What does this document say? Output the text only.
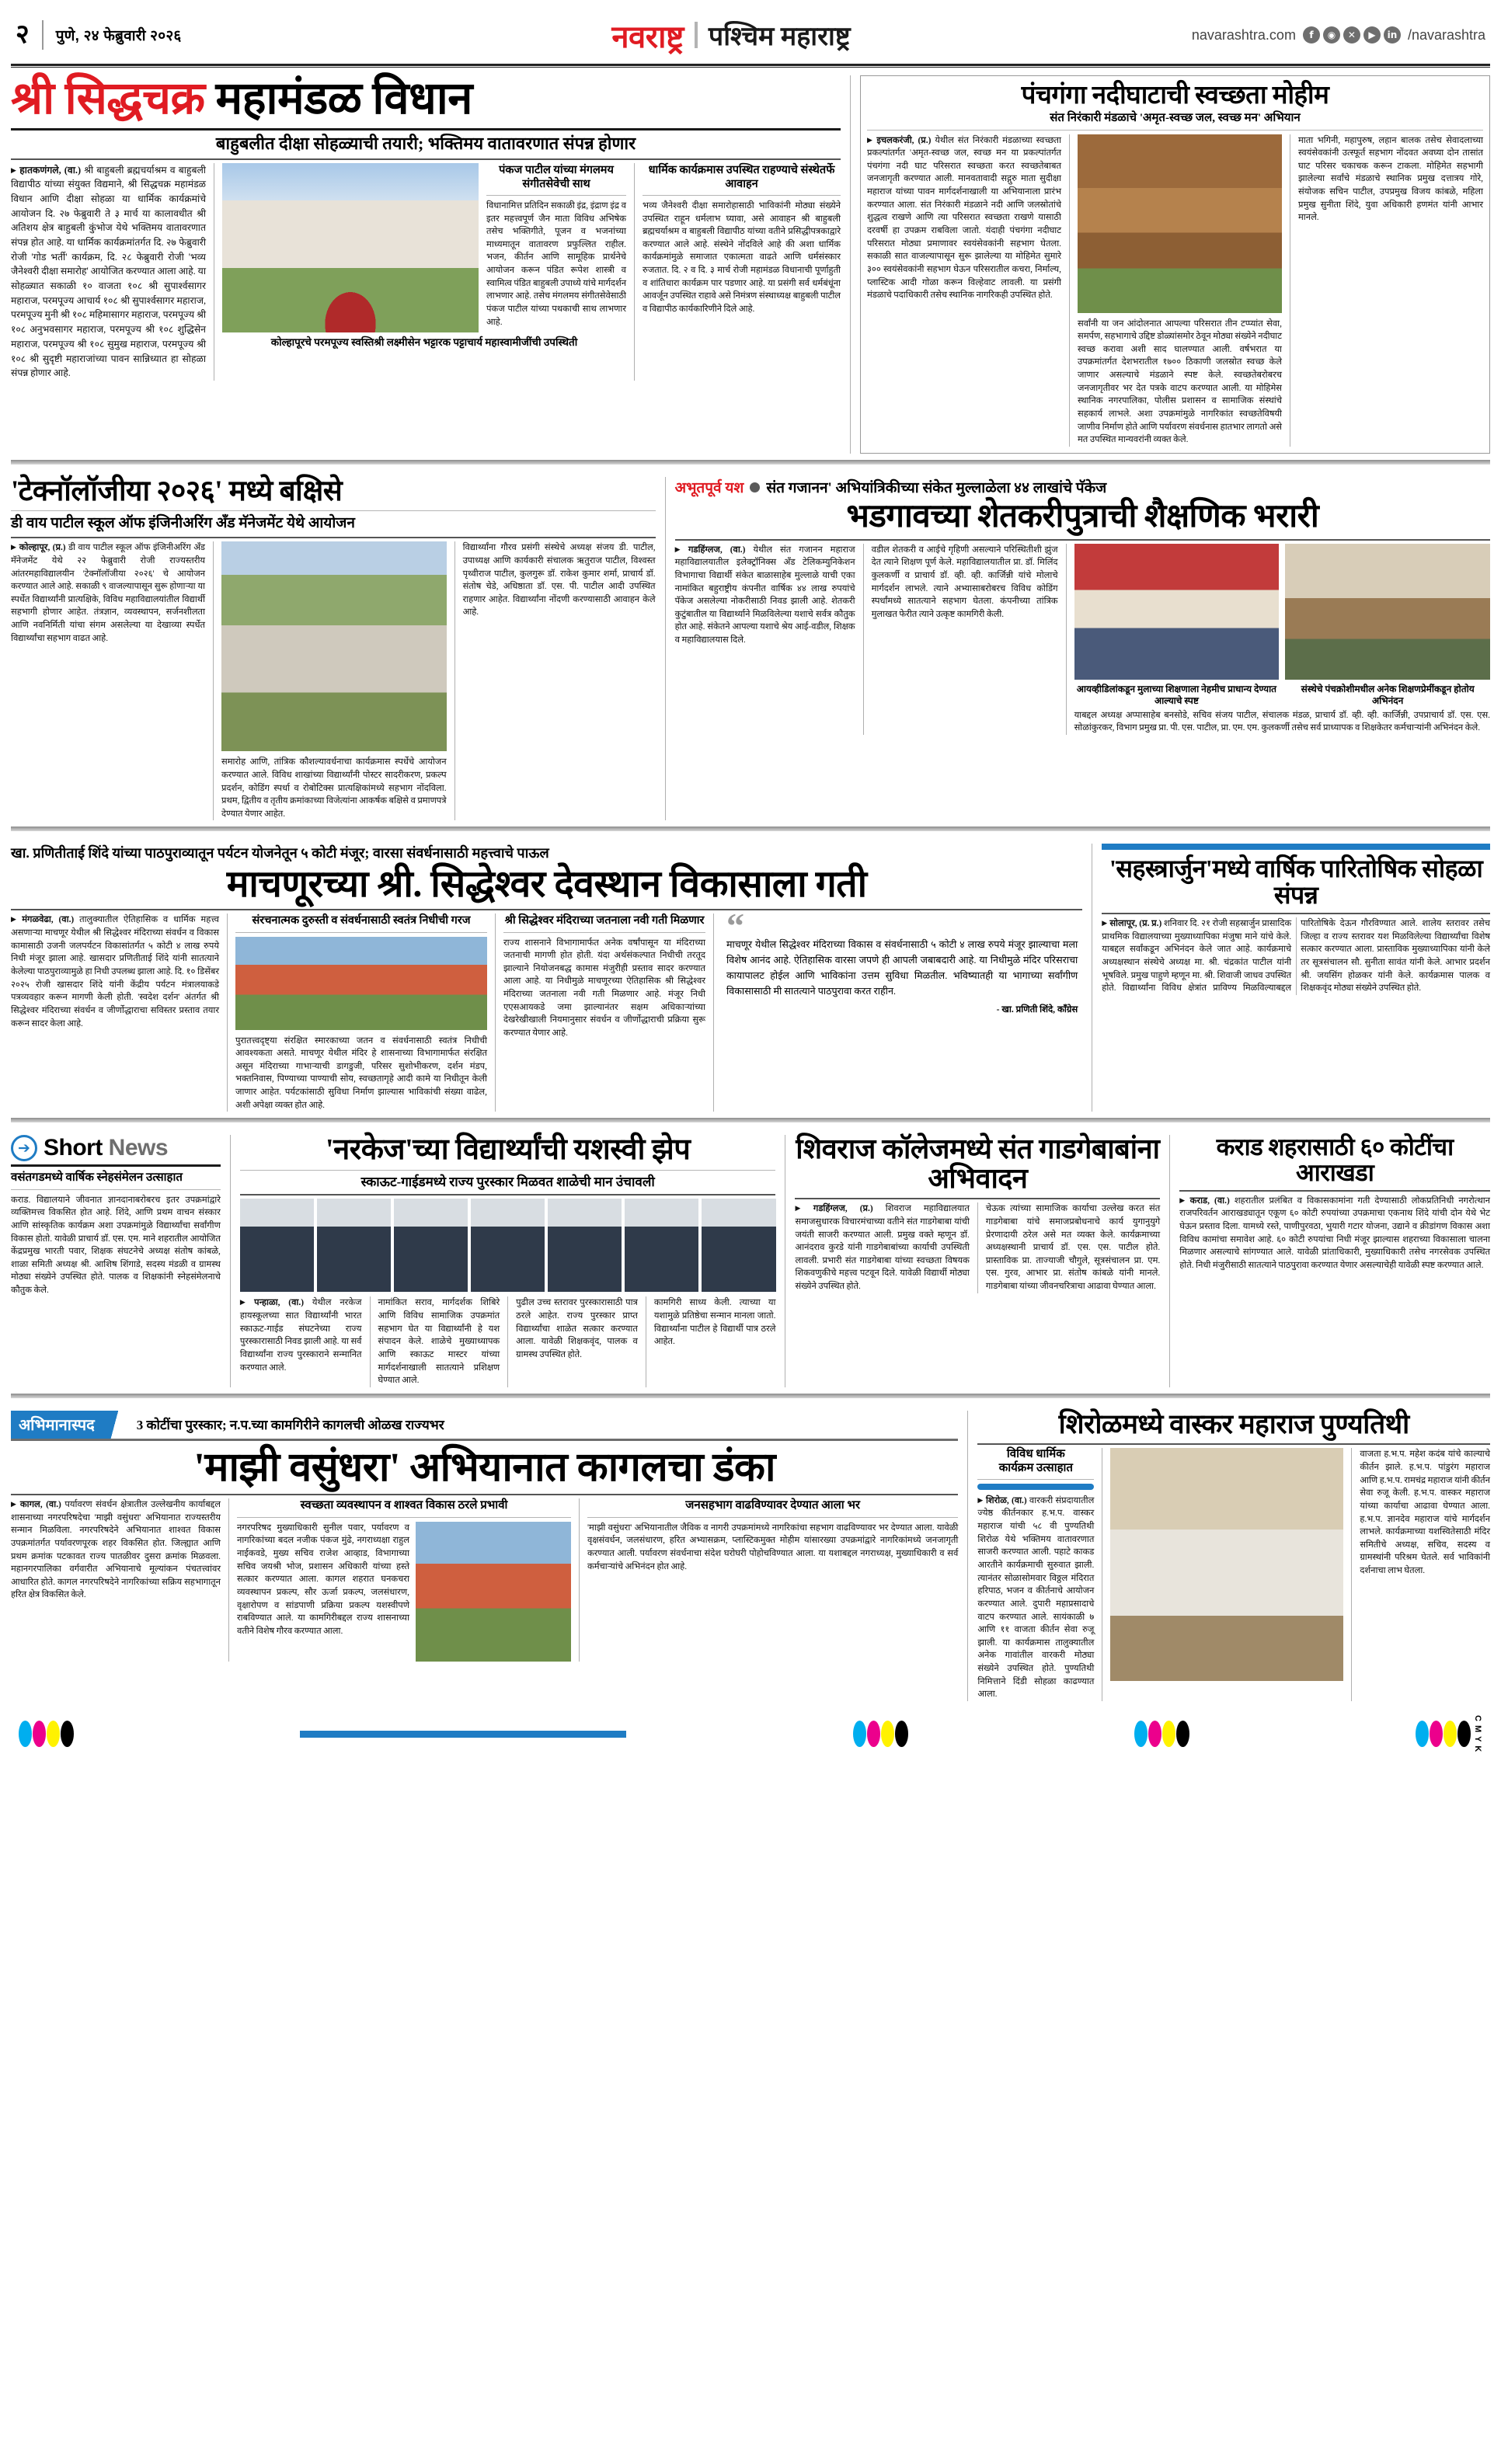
२ पुणे, २४ फेब्रुवारी २०२६	नवराष्ट्र पश्चिम महाराष्ट्र	navarashtra.com	f	◉	✕	▶	in /navarashtra
श्री सिद्धचक्र महामंडळ विधान
बाहुबलीत दीक्षा सोहळ्याची तयारी; भक्तिमय वातावरणात संपन्न होणार

▶ हातकणंगले, (वा.) श्री बाहुबली ब्रह्मचर्याश्रम व बाहुबली विद्यापीठ यांच्या संयुक्त विद्यमाने, श्री सिद्धचक्र महामंडळ विधान आणि दीक्षा सोहळा या धार्मिक कार्यक्रमांचे आयोजन दि. २७ फेब्रुवारी ते ३ मार्च या कालावधीत श्री अतिशय क्षेत्र बाहुबली कुंभोज येथे भक्तिमय वातावरणात संपन्न होत आहे. या धार्मिक कार्यक्रमांतर्गत दि. २७ फेब्रुवारी रोजी 'गोड भर्ती' कार्यक्रम, दि. २८ फेब्रुवारी रोजी 'भव्य जैनेश्वरी दीक्षा समारोह' आयोजित करण्यात आला आहे. या सोहळ्यात सकाळी १० वाजता १०८ श्री सुपार्श्वसागर महाराज, परमपूज्य आचार्य १०८ श्री सुपार्श्वसागर महाराज, परमपूज्य मुनी श्री १०८ महिमासागर महाराज, परमपूज्य श्री १०८ अनुभवसागर महाराज, परमपूज्य श्री १०८ शुद्धिसेन महाराज, परमपूज्य श्री १०८ सुमुख महाराज, परमपूज्य श्री १०८ श्री सुदृष्टी महाराजांच्या पावन सान्निध्यात हा सोहळा संपन्न होणार आहे.

पंकज पाटील यांच्या मंगलमय संगीतसेवेची साथ

विधानामित्त प्रतिदिन सकाळी इंद्र, इंद्राण इंद्र व इतर महत्त्वपूर्ण जैन माता विविध अभिषेक तसेच भक्तिगीते, पूजन व भजनांच्या माध्यमातून वातावरण प्रफुल्लित राहील. भजन, कीर्तन आणि सामूहिक प्रार्थनेचे आयोजन करून पंडित रूपेश शास्त्री व स्वामित्व पंडित बाहुबली उपाध्ये यांचे मार्गदर्शन लाभणार आहे. तसेच मंगलमय संगीतसेवेसाठी पंकज पाटील यांच्या पथकाची साथ लाभणार आहे.

कोल्हापूरचे परमपूज्य स्वस्तिश्री लक्ष्मीसेन भट्टारक पट्टाचार्य महास्वामीजींची उपस्थिती
धार्मिक कार्यक्रमास उपस्थित राहण्याचे संस्थेतर्फे आवाहन

भव्य जैनेश्वरी दीक्षा समारोहासाठी भाविकांनी मोठ्या संख्येने उपस्थित राहून धर्मलाभ घ्यावा, असे आवाहन श्री बाहुबली ब्रह्मचर्याश्रम व बाहुबली विद्यापीठ यांच्या वतीने प्रसिद्धीपत्रकाद्वारे करण्यात आले आहे. संस्थेने नोंदविले आहे की अशा धार्मिक कार्यक्रमांमुळे समाजात एकात्मता वाढते आणि धर्मसंस्कार रुजतात. दि. २ व दि. ३ मार्च रोजी महामंडळ विधानाची पूर्णाहुती व शांतिधारा कार्यक्रम पार पडणार आहे. या प्रसंगी सर्व धर्मबंधूंना आवर्जून उपस्थित राहावे असे निमंत्रण संस्थाध्यक्ष बाहुबली पाटील व विद्यापीठ कार्यकारिणीने दिले आहे.

पंचगंगा नदीघाटाची स्वच्छता मोहीम
संत निरंकारी मंडळाचे 'अमृत-स्वच्छ जल, स्वच्छ मन' अभियान

▶ इचलकरंजी, (प्र.) येथील संत निरंकारी मंडळाच्या स्वच्छता प्रकल्पांतर्गत 'अमृत-स्वच्छ जल, स्वच्छ मन या प्रकल्पांतर्गत पंचगंगा नदी घाट परिसरात स्वच्छता करत स्वच्छतेबाबत जनजागृती करण्यात आली. मानवतावादी सद्गुरु माता सुदीक्षा महाराज यांच्या पावन मार्गदर्शनाखाली या अभियानाला प्रारंभ करण्यात आला. संत निरंकारी मंडळाने नदी आणि जलस्रोतांचे शुद्धत्व राखणे आणि त्या परिसरात स्वच्छता राखणे यासाठी दरवर्षी हा उपक्रम राबविला जातो. यंदाही पंचगंगा नदीघाट परिसरात मोठ्या प्रमाणावर स्वयंसेवकांनी सहभाग घेतला. सकाळी सात वाजल्यापासून सुरू झालेल्या या मोहिमेत सुमारे ३०० स्वयंसेवकांनी सहभाग घेऊन परिसरातील कचरा, निर्माल्य, प्लास्टिक आदी गोळा करून विल्हेवाट लावली. या प्रसंगी मंडळाचे पदाधिकारी तसेच स्थानिक नागरिकही उपस्थित होते.

सर्वांनी या जन आंदोलनात आपल्या परिसरात तीन टप्प्यांत सेवा, समर्पण, सहभागाचे उद्दिष्ट डोळ्यांसमोर ठेवून मोठ्या संख्येने नदीघाट स्वच्छ करावा अशी साद घालण्यात आली. वर्षभरात या उपक्रमांतर्गत देशभरातील १७०० ठिकाणी जलस्रोत स्वच्छ केले जाणार असल्याचे मंडळाने स्पष्ट केले. स्वच्छतेबरोबरच जनजागृतीवर भर देत पत्रके वाटप करण्यात आली. या मोहिमेस स्थानिक नगरपालिका, पोलीस प्रशासन व सामाजिक संस्थांचे सहकार्य लाभले. अशा उपक्रमांमुळे नागरिकांत स्वच्छतेविषयी जाणीव निर्माण होते आणि पर्यावरण संवर्धनास हातभार लागतो असे मत उपस्थित मान्यवरांनी व्यक्त केले.

माता भगिनी, महापुरुष, लहान बालक तसेच सेवादलाच्या स्वयंसेवकांनी उत्स्फूर्त सहभाग नोंदवत अवघ्या दोन तासांत घाट परिसर चकाचक करून टाकला. मोहिमेत सहभागी झालेल्या सर्वांचे मंडळाचे स्थानिक प्रमुख दत्तात्रय गोरे, संयोजक सचिन पाटील, उपप्रमुख विजय कांबळे, महिला प्रमुख सुनीता शिंदे, युवा अधिकारी हणमंत यांनी आभार मानले.

'टेक्नॉलॉजीया २०२६' मध्ये बक्षिसे
डी वाय पाटील स्कूल ऑफ इंजिनीअरिंग अँड मॅनेजमेंट येथे आयोजन

▶ कोल्हापूर, (प्र.) डी वाय पाटील स्कूल ऑफ इंजिनीअरिंग अँड मॅनेजमेंट येथे २२ फेब्रुवारी रोजी राज्यस्तरीय आंतरमहाविद्यालयीन 'टेक्नॉलॉजीया २०२६' चे आयोजन करण्यात आले आहे. सकाळी ९ वाजल्यापासून सुरू होणाऱ्या या स्पर्धेत विद्यार्थ्यांनी प्रात्यक्षिके, विविध महाविद्यालयांतील विद्यार्थी सहभागी होणार आहेत. तंत्रज्ञान, व्यवस्थापन, सर्जनशीलता आणि नवनिर्मिती यांचा संगम असलेल्या या देखाव्या स्पर्धेत विद्यार्थ्यांचा सहभाग वाढत आहे.

समारोह आणि, तांत्रिक कौशल्यावर्धनाचा कार्यक्रमास स्पर्धेचे आयोजन करण्यात आले. विविध शाखांच्या विद्यार्थ्यांनी पोस्टर सादरीकरण, प्रकल्प प्रदर्शन, कोडिंग स्पर्धा व रोबोटिक्स प्रात्यक्षिकांमध्ये सहभाग नोंदविला. प्रथम, द्वितीय व तृतीय क्रमांकाच्या विजेत्यांना आकर्षक बक्षिसे व प्रमाणपत्रे देण्यात येणार आहेत.

विद्यार्थ्यांना गौरव प्रसंगी संस्थेचे अध्यक्ष संजय डी. पाटील, उपाध्यक्ष आणि कार्यकारी संचालक ऋतुराज पाटील, विश्वस्त पृथ्वीराज पाटील, कुलगुरू डॉ. राकेश कुमार शर्मा, प्राचार्य डॉ. संतोष चेडे, अधिष्ठाता डॉ. एस. पी. पाटील आदी उपस्थित राहणार आहेत. विद्यार्थ्यांना नोंदणी करण्यासाठी आवाहन केले आहे.

अभूतपूर्व यश संत गजानन' अभियांत्रिकीच्या संकेत मुल्लाळेला ४४ लाखांचे पॅकेज
भडगावच्या शेतकरीपुत्राची शैक्षणिक भरारी

▶ गडहिंग्लज, (वा.) येथील संत गजानन महाराज महाविद्यालयातील इलेक्ट्रॉनिक्स अँड टेलिकम्युनिकेशन विभागाचा विद्यार्थी संकेत बाळासाहेब मुल्लाळे याची एका नामांकित बहुराष्ट्रीय कंपनीत वार्षिक ४४ लाख रुपयांचे पॅकेज असलेल्या नोकरीसाठी निवड झाली आहे. शेतकरी कुटुंबातील या विद्यार्थ्याने मिळविलेल्या यशाचे सर्वत्र कौतुक होत आहे. संकेतने आपल्या यशाचे श्रेय आई-वडील, शिक्षक व महाविद्यालयास दिले.

वडील शेतकरी व आईचे गृहिणी असल्याने परिस्थितीशी झुंज देत त्याने शिक्षण पूर्ण केले. महाविद्यालयातील प्रा. डॉ. मिलिंद कुलकर्णी व प्राचार्य डॉ. व्ही. व्ही. कार्जिन्नी यांचे मोलाचे मार्गदर्शन लाभले. त्याने अभ्यासाबरोबरच विविध कोडिंग स्पर्धांमध्ये सातत्याने सहभाग घेतला. कंपनीच्या तांत्रिक मुलाखत फेरीत त्याने उत्कृष्ट कामगिरी केली.

आयव्हीडिलांकडून मुलाच्या शिक्षणाला नेहमीच प्राधान्य देण्यात आल्याचे स्पष्ट
संस्थेचे पंचक्रोशीमधील अनेक शिक्षणप्रेमींकडून होतोय अभिनंदन

याबद्दल अध्यक्ष अप्पासाहेब बनसोडे, सचिव संजय पाटील, संचालक मंडळ, प्राचार्य डॉ. व्ही. व्ही. कार्जिन्नी, उपप्राचार्य डॉ. एस. एस. सोळांकुरकर, विभाग प्रमुख प्रा. पी. एस. पाटील, प्रा. एम. एम. कुलकर्णी तसेच सर्व प्राध्यापक व शिक्षकेतर कर्मचाऱ्यांनी अभिनंदन केले.

खा. प्रणितीताई शिंदे यांच्या पाठपुराव्यातून पर्यटन योजनेतून ५ कोटी मंजूर; वारसा संवर्धनासाठी महत्त्वाचे पाऊल
माचणूरच्या श्री. सिद्धेश्वर देवस्थान विकासाला गती

▶ मंगळवेढा, (वा.) तालुक्यातील ऐतिहासिक व धार्मिक महत्त्व असणाऱ्या माचणूर येथील श्री सिद्धेश्वर मंदिराच्या संवर्धन व विकास कामासाठी उजनी जलपर्यटन विकासांतर्गत ५ कोटी ४ लाख रुपये निधी मंजूर झाला आहे. खासदार प्रणितीताई शिंदे यांनी सातत्याने केलेल्या पाठपुराव्यामुळे हा निधी उपलब्ध झाला आहे. दि. १० डिसेंबर २०२५ रोजी खासदार शिंदे यांनी केंद्रीय पर्यटन मंत्रालयाकडे पत्रव्यवहार करून मागणी केली होती. 'स्वदेश दर्शन' अंतर्गत श्री सिद्धेश्वर मंदिराच्या संवर्धन व जीर्णोद्धाराचा सविस्तर प्रस्ताव तयार करून सादर केला आहे.

संरचनात्मक दुरुस्ती व संवर्धनासाठी स्वतंत्र निधीची गरज

पुरातत्त्वदृष्ट्या संरक्षित स्मारकाच्या जतन व संवर्धनासाठी स्वतंत्र निधीची आवश्यकता असते. माचणूर येथील मंदिर हे शासनाच्या विभागामार्फत संरक्षित असून मंदिराच्या गाभाऱ्याची डागडुजी, परिसर सुशोभीकरण, दर्शन मंडप, भक्तनिवास, पिण्याच्या पाण्याची सोय, स्वच्छतागृहे आदी कामे या निधीतून केली जाणार आहेत. पर्यटकांसाठी सुविधा निर्माण झाल्यास भाविकांची संख्या वाढेल, अशी अपेक्षा व्यक्त होत आहे.

श्री सिद्धेश्वर मंदिराच्या जतनाला नवी गती मिळणार

राज्य शासनाने विभागामार्फत अनेक वर्षांपासून या मंदिराच्या जतनाची मागणी होत होती. यंदा अर्थसंकल्पात निधीची तरतूद झाल्याने नियोजनबद्ध कामास मंजुरीही प्रस्ताव सादर करण्यात आला आहे. या निधीमुळे माचणूरच्या ऐतिहासिक श्री सिद्धेश्वर मंदिराच्या जतनाला नवी गती मिळणार आहे. मंजूर निधी एएसआयकडे जमा झाल्यानंतर सक्षम अधिकाऱ्यांच्या देखरेखीखाली नियमानुसार संवर्धन व जीर्णोद्धाराची प्रक्रिया सुरू करण्यात येणार आहे.

“

माचणूर येथील सिद्धेश्वर मंदिराच्या विकास व संवर्धनासाठी ५ कोटी ४ लाख रुपये मंजूर झाल्याचा मला विशेष आनंद आहे. ऐतिहासिक वारसा जपणे ही आपली जबाबदारी आहे. या निधीमुळे मंदिर परिसराचा कायापालट होईल आणि भाविकांना उत्तम सुविधा मिळतील. भविष्यातही या भागाच्या सर्वांगीण विकासासाठी मी सातत्याने पाठपुरावा करत राहीन.

- खा. प्रणिती शिंदे, काँग्रेस
'सहस्त्रार्जुन'मध्ये वार्षिक पारितोषिक सोहळा संपन्न

▶ सोलापूर, (प्र. प्र.) शनिवार दि. २१ रोजी सहस्रार्जुन प्रासादिक प्राथमिक विद्यालयाच्या मुख्याध्यापिका मंजुषा माने यांचे केले. याबद्दल सर्वांकडून अभिनंदन केले जात आहे. कार्यक्रमाचे अध्यक्षस्थान संस्थेचे अध्यक्ष मा. श्री. चंद्रकांत पाटील यांनी भूषविले. प्रमुख पाहुणे म्हणून मा. श्री. शिवाजी जाधव उपस्थित होते. विद्यार्थ्यांना विविध क्षेत्रांत प्राविण्य मिळविल्याबद्दल पारितोषिके देऊन गौरविण्यात आले. शालेय स्तरावर तसेच जिल्हा व राज्य स्तरावर यश मिळविलेल्या विद्यार्थ्यांचा विशेष सत्कार करण्यात आला. प्रास्ताविक मुख्याध्यापिका यांनी केले तर सूत्रसंचालन सौ. सुनीता सावंत यांनी केले. आभार प्रदर्शन श्री. जयसिंग होळकर यांनी केले. कार्यक्रमास पालक व शिक्षकवृंद मोठ्या संख्येने उपस्थित होते.

➔ Short News
वसंतगडमध्ये वार्षिक स्नेहसंमेलन उत्साहात

कराड. विद्यालयाने जीवनात ज्ञानदानाबरोबरच इतर उपक्रमांद्वारे व्यक्तिमत्त्व विकसित होत आहे. शिंदे, आणि प्रथम वाचन संस्कार आणि सांस्कृतिक कार्यक्रम अशा उपक्रमांमुळे विद्यार्थ्यांचा सर्वांगीण विकास होतो. यावेळी प्राचार्य डॉ. एस. एम. माने शहरातील आयोजित केंद्रप्रमुख भारती पवार, शिक्षक संघटनेचे अध्यक्ष संतोष कांबळे, शाळा समिती अध्यक्ष श्री. आशिष शिंगाडे, सदस्य मंडळी व ग्रामस्थ मोठ्या संख्येने उपस्थित होते. पालक व शिक्षकांनी स्नेहसंमेलनाचे कौतुक केले.

'नरकेज'च्या विद्यार्थ्यांची यशस्वी झेप
स्काऊट-गाईडमध्ये राज्य पुरस्कार मिळवत शाळेची मान उंचावली

▶ पन्हाळा, (वा.) येथील नरकेज हायस्कूलच्या सात विद्यार्थ्यांनी भारत स्काऊट-गाईड संघटनेच्या राज्य पुरस्कारासाठी निवड झाली आहे. या सर्व विद्यार्थ्यांना राज्य पुरस्काराने सन्मानित करण्यात आले.

नामांकित सराव, मार्गदर्शक शिबिरे आणि विविध सामाजिक उपक्रमांत सहभाग घेत या विद्यार्थ्यांनी हे यश संपादन केले. शाळेचे मुख्याध्यापक आणि स्काऊट मास्टर यांच्या मार्गदर्शनाखाली सातत्याने प्रशिक्षण घेण्यात आले.

पुढील उच्च स्तरावर पुरस्कारासाठी पात्र ठरले आहेत. राज्य पुरस्कार प्राप्त विद्यार्थ्यांचा शाळेत सत्कार करण्यात आला. यावेळी शिक्षकवृंद, पालक व ग्रामस्थ उपस्थित होते.

कामगिरी साध्य केली. त्याच्या या यशामुळे प्रतिष्ठेचा सन्मान मानला जातो. विद्यार्थ्यांना पाटील हे विद्यार्थी पात्र ठरले आहेत.

शिवराज कॉलेजमध्ये संत गाडगेबाबांना अभिवादन

▶ गडहिंग्लज, (प्र.) शिवराज महाविद्यालयात समाजसुधारक विचारमंचाच्या वतीने संत गाडगेबाबा यांची जयंती साजरी करण्यात आली. प्रमुख वक्ते म्हणून डॉ. आनंदराव कुरडे यांनी गाडगेबाबांच्या कार्याची उपस्थिती लावली. प्रभारी संत गाडगेबाबा यांच्या स्वच्छता विषयक शिकवणुकीचे महत्त्व पटवून दिले. यावेळी विद्यार्थी मोठ्या संख्येने उपस्थित होते.

चेऊक त्यांच्या सामाजिक कार्याचा उल्लेख करत संत गाडगेबाबा यांचे समाजप्रबोधनाचे कार्य युगानुयुगे प्रेरणादायी ठरेल असे मत व्यक्त केले. कार्यक्रमाच्या अध्यक्षस्थानी प्राचार्य डॉ. एस. एस. पाटील होते. प्रास्ताविक प्रा. ताज्याजी चौगुले, सूत्रसंचालन प्रा. एम. एस. गुरव, आभार प्रा. संतोष कांबळे यांनी मानले. गाडगेबाबा यांच्या जीवनचरित्राचा आढावा घेण्यात आला.

कराड शहरासाठी ६० कोटींचा आराखडा

▶ कराड, (वा.) शहरातील प्रलंबित व विकासकामांना गती देण्यासाठी लोकप्रतिनिधी नगरोत्थान राजपरिवर्तन आराखड्यातून एकूण ६० कोटी रुपयांच्या उपक्रमाचा एकनाथ शिंदे यांची दोन येथे भेट घेऊन प्रस्ताव दिला. यामध्ये रस्ते, पाणीपुरवठा, भुयारी गटार योजना, उद्याने व क्रीडांगण विकास अशा विविध कामांचा समावेश आहे. ६० कोटी रुपयांचा निधी मंजूर झाल्यास शहराच्या विकासाला चालना मिळणार असल्याचे सांगण्यात आले. यावेळी प्रांताधिकारी, मुख्याधिकारी तसेच नगरसेवक उपस्थित होते. निधी मंजुरीसाठी सातत्याने पाठपुरावा करण्यात येणार असल्याचेही यावेळी स्पष्ट करण्यात आले.

अभिमानास्पद	3 कोटींचा पुरस्कार; न.प.च्या कामगिरीने कागलची ओळख राज्यभर
'माझी वसुंधरा' अभियानात कागलचा डंका

▶ कागल, (वा.) पर्यावरण संवर्धन क्षेत्रातील उल्लेखनीय कार्याबद्दल शासनाच्या नगरपरिषदेचा 'माझी वसुंधरा' अभियानात राज्यस्तरीय सन्मान मिळविला. नगरपरिषदेने अभियानात शाश्वत विकास उपक्रमांतर्गत पर्यावरणपूरक शहर विकसित होत. जिल्ह्यात आणि प्रथम क्रमांक पटकावत राज्य पातळीवर दुसरा क्रमांक मिळवला. महानगरपालिका वर्गवारीत अभियानाचे मूल्यांकन पंचतत्त्वांवर आधारित होते. कागल नगरपरिषदेने नागरिकांच्या सक्रिय सहभागातून हरित क्षेत्र विकसित केले.

स्वच्छता व्यवस्थापन व शाश्वत विकास ठरले प्रभावी

नगरपरिषद मुख्याधिकारी सुनील पवार, पर्यावरण व नागरिकांच्या बदल नजीक पंकज मुंढे, नगराध्यक्षा राहुल नाईकवडे, मुख्य सचिव राजेश आव्हाड, विभागाच्या सचिव जयश्री भोज, प्रशासन अधिकारी यांच्या हस्ते सत्कार करण्यात आला. कागल शहरात घनकचरा व्यवस्थापन प्रकल्प, सौर ऊर्जा प्रकल्प, जलसंधारण, वृक्षारोपण व सांडपाणी प्रक्रिया प्रकल्प यशस्वीपणे राबविण्यात आले. या कामगिरीबद्दल राज्य शासनाच्या वतीने विशेष गौरव करण्यात आला.

जनसहभाग वाढविण्यावर देण्यात आला भर

'माझी वसुंधरा' अभियानातील जैविक व नागरी उपक्रमांमध्ये नागरिकांचा सहभाग वाढविण्यावर भर देण्यात आला. यावेळी वृक्षसंवर्धन, जलसंधारण, हरित अभ्यासक्रम, प्लास्टिकमुक्त मोहीम यांसारख्या उपक्रमांद्वारे नागरिकांमध्ये जनजागृती करण्यात आली. पर्यावरण संवर्धनाचा संदेश घरोघरी पोहोचविण्यात आला. या यशाबद्दल नगराध्यक्ष, मुख्याधिकारी व सर्व कर्मचाऱ्यांचे अभिनंदन होत आहे.

शिरोळमध्ये वास्कर महाराज पुण्यतिथी
विविध धार्मिक
कार्यक्रम उत्साहात

▶ शिरोळ, (वा.) वारकरी संप्रदायातील ज्येष्ठ कीर्तनकार ह.भ.प. वास्कर महाराज यांची ५८ वी पुण्यतिथी शिरोळ येथे भक्तिमय वातावरणात साजरी करण्यात आली. पहाटे काकड आरतीने कार्यक्रमाची सुरुवात झाली. त्यानंतर सोळासोमवार विठ्ठल मंदिरात हरिपाठ, भजन व कीर्तनाचे आयोजन करण्यात आले. दुपारी महाप्रसादाचे वाटप करण्यात आले. सायंकाळी ७ आणि ११ वाजता कीर्तन सेवा रुजू झाली. या कार्यक्रमास तालुक्यातील अनेक गावांतील वारकरी मोठ्या संख्येने उपस्थित होते. पुण्यतिथी निमित्ताने दिंडी सोहळा काढण्यात आला.

वाजता ह.भ.प. महेश कदंब यांचे काल्याचे कीर्तन झाले. ह.भ.प. पांडुरंग महाराज आणि ह.भ.प. रामचंद्र महाराज यांनी कीर्तन सेवा रुजू केली. ह.भ.प. वास्कर महाराज यांच्या कार्याचा आढावा घेण्यात आला. ह.भ.प. ज्ञानदेव महाराज यांचे मार्गदर्शन लाभले. कार्यक्रमाच्या यशस्वितेसाठी मंदिर समितीचे अध्यक्ष, सचिव, सदस्य व ग्रामस्थांनी परिश्रम घेतले. सर्व भाविकांनी दर्शनाचा लाभ घेतला.

C M Y K
